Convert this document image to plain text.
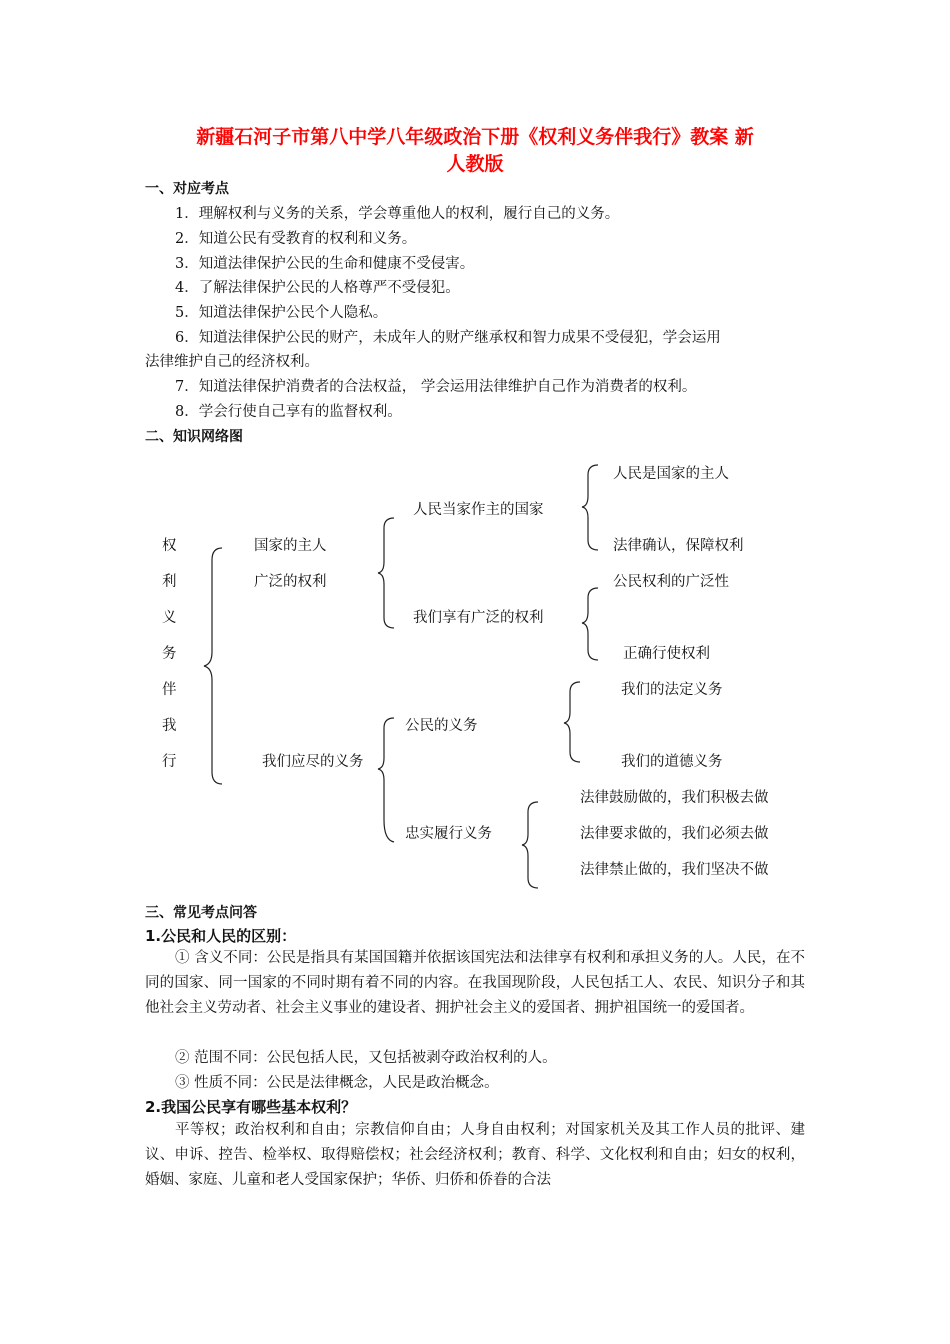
新疆石河子市第八中学八年级政治下册《权利义务伴我行》教案 新
人教版
一、对应考点
1．理解权利与义务的关系，学会尊重他人的权利，履行自己的义务。
2．知道公民有受教育的权利和义务。
3．知道法律保护公民的生命和健康不受侵害。
4．了解法律保护公民的人格尊严不受侵犯。
5．知道法律保护公民个人隐私。
6．知道法律保护公民的财产，未成年人的财产继承权和智力成果不受侵犯，学会运用
法律维护自己的经济权利。
7．知道法律保护消费者的合法权益， 学会运用法律维护自己作为消费者的权利。
8．学会行使自己享有的监督权利。
二、知识网络图
权
利
义
务
伴
我
行
国家的主人
广泛的权利
人民当家作主的国家
人民是国家的主人
法律确认，保障权利
我们享有广泛的权利
公民权利的广泛性
正确行使权利
我们应尽的义务
公民的义务
我们的法定义务
我们的道德义务
忠实履行义务
法律鼓励做的，我们积极去做
法律要求做的，我们必须去做
法律禁止做的，我们坚决不做
三、常见考点问答
1.公民和人民的区别：
① 含义不同：公民是指具有某国国籍并依据该国宪法和法律享有权利和承担义务的人。人民，在不同的国家、同一国家的不同时期有着不同的内容。在我国现阶段，人民包括工人、农民、知识分子和其他社会主义劳动者、社会主义事业的建设者、拥护社会主义的爱国者、拥护祖国统一的爱国者。
② 范围不同：公民包括人民，又包括被剥夺政治权利的人。
③ 性质不同：公民是法律概念，人民是政治概念。
2.我国公民享有哪些基本权利？
平等权；政治权利和自由；宗教信仰自由；人身自由权利；对国家机关及其工作人员的批评、建议、申诉、控告、检举权、取得赔偿权；社会经济权利；教育、科学、文化权利和自由；妇女的权利，婚姻、家庭、儿童和老人受国家保护；华侨、归侨和侨眷的合法
